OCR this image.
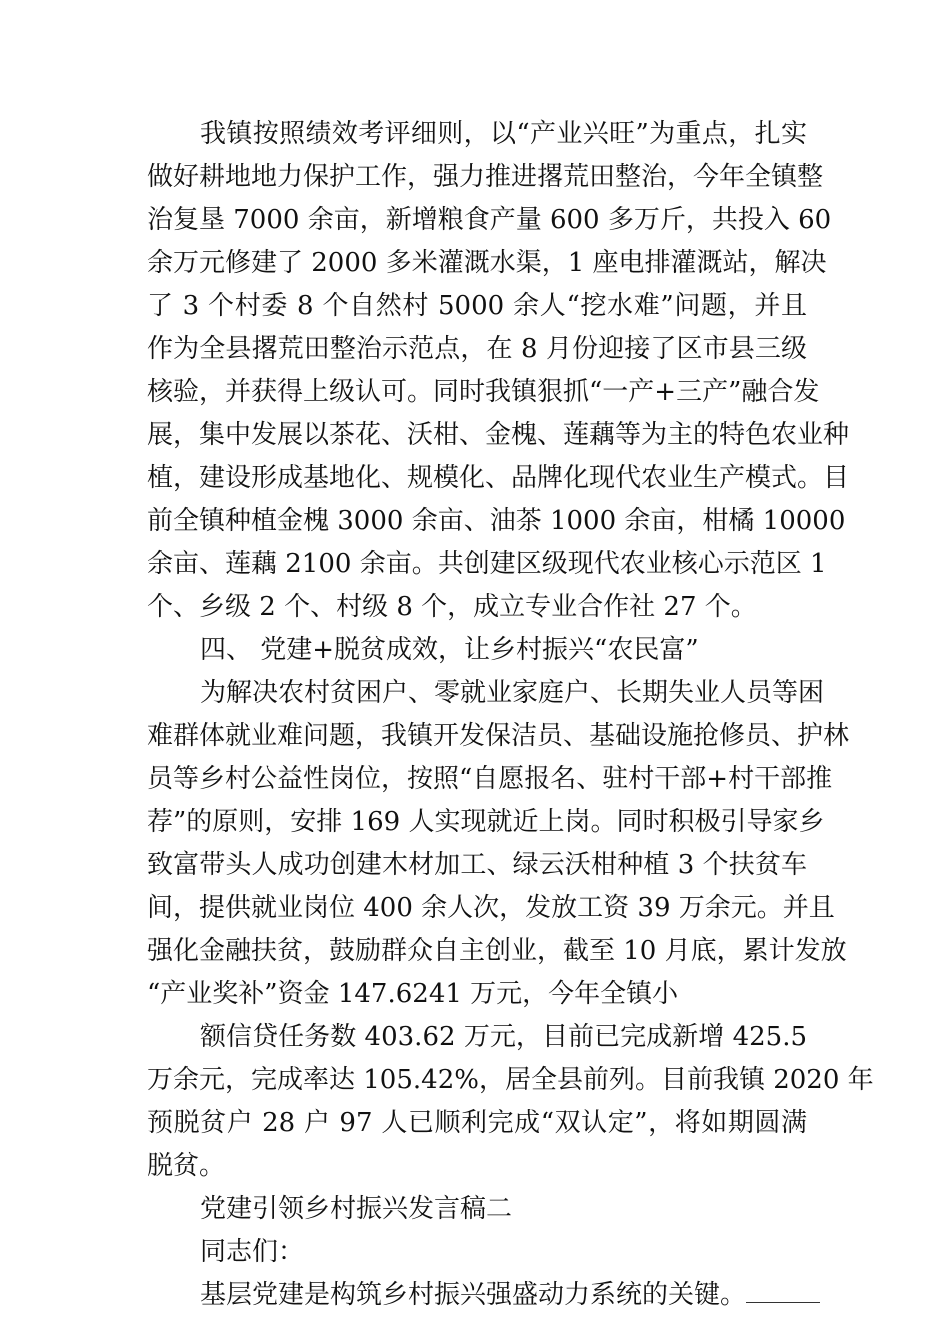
我镇按照绩效考评细则，以“产业兴旺”为重点，扎实
做好耕地地力保护工作，强力推进撂荒田整治，今年全镇整
治复垦 7000 余亩，新增粮食产量 600 多万斤，共投入 60
余万元修建了 2000 多米灌溉水渠，1 座电排灌溉站，解决
了 3 个村委 8 个自然村 5000 余人“挖水难”问题，并且
作为全县撂荒田整治示范点，在 8 月份迎接了区市县三级
核验，并获得上级认可。同时我镇狠抓“一产+三产”融合发
展，集中发展以茶花、沃柑、金槐、莲藕等为主的特色农业种
植，建设形成基地化、规模化、品牌化现代农业生产模式。目
前全镇种植金槐 3000 余亩、油茶 1000 余亩，柑橘 10000
余亩、莲藕 2100 余亩。共创建区级现代农业核心示范区 1
个、乡级 2 个、村级 8 个，成立专业合作社 27 个。
四、 党建+脱贫成效，让乡村振兴“农民富”
为解决农村贫困户、零就业家庭户、长期失业人员等困
难群体就业难问题，我镇开发保洁员、基础设施抢修员、护林
员等乡村公益性岗位，按照“自愿报名、驻村干部+村干部推
荐”的原则，安排 169 人实现就近上岗。同时积极引导家乡
致富带头人成功创建木材加工、绿云沃柑种植 3 个扶贫车
间，提供就业岗位 400 余人次，发放工资 39 万余元。并且
强化金融扶贫，鼓励群众自主创业，截至 10 月底，累计发放
“产业奖补”资金 147.6241 万元，今年全镇小
额信贷任务数 403.62 万元，目前已完成新增 425.5
万余元，完成率达 105.42%，居全县前列。目前我镇 2020 年
预脱贫户 28 户 97 人已顺利完成“双认定”，将如期圆满
脱贫。
党建引领乡村振兴发言稿二
同志们：
基层党建是构筑乡村振兴强盛动力系统的关键。
